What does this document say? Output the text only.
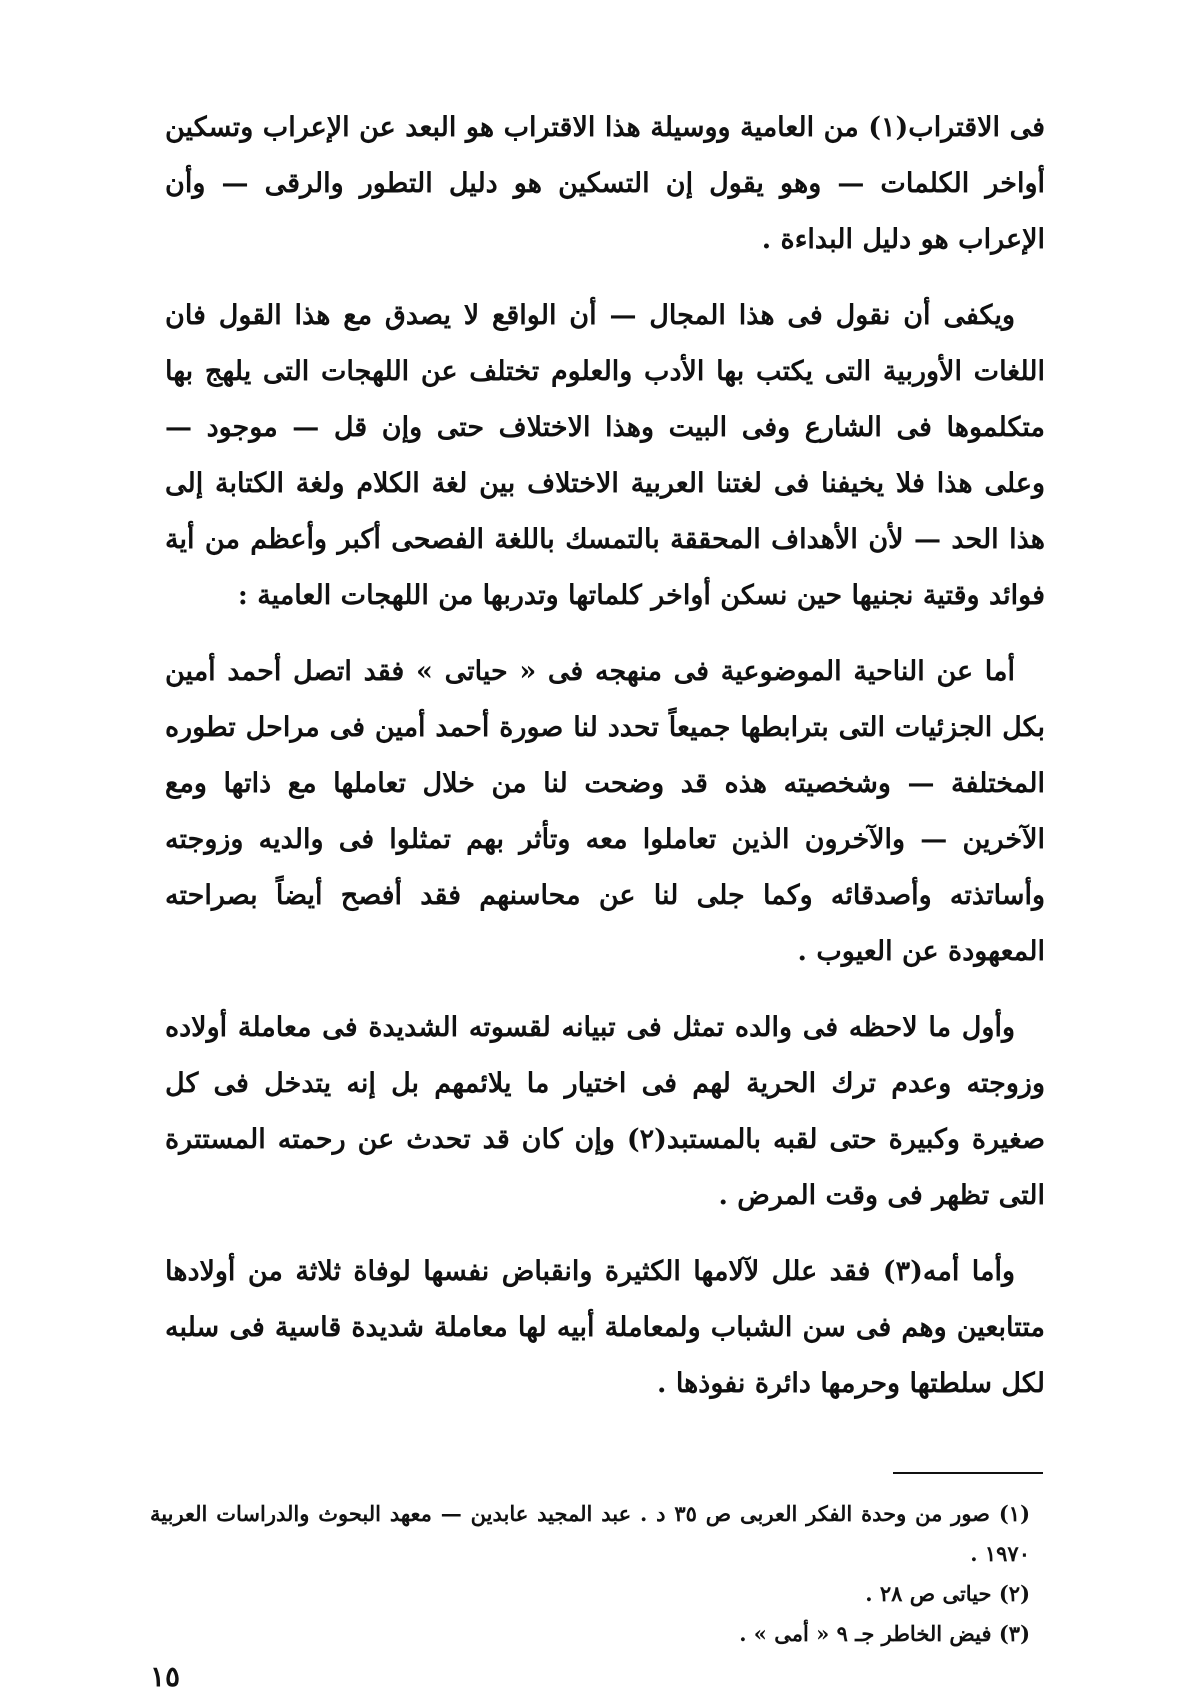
فى الاقتراب(١) من العامية ووسيلة هذا الاقتراب هو البعد عن الإعراب وتسكين أواخر الكلمات — وهو يقول إن التسكين هو دليل التطور والرقى — وأن الإعراب هو دليل البداءة .

ويكفى أن نقول فى هذا المجال — أن الواقع لا يصدق مع هذا القول فان اللغات الأوربية التى يكتب بها الأدب والعلوم تختلف عن اللهجات التى يلهج بها متكلموها فى الشارع وفى البيت وهذا الاختلاف حتى وإن قل — موجود — وعلى هذا فلا يخيفنا فى لغتنا العربية الاختلاف بين لغة الكلام ولغة الكتابة إلى هذا الحد — لأن الأهداف المحققة بالتمسك باللغة الفصحى أكبر وأعظم من أية فوائد وقتية نجنيها حين نسكن أواخر كلماتها وتدربها من اللهجات العامية :

أما عن الناحية الموضوعية فى منهجه فى « حياتى » فقد اتصل أحمد أمين بكل الجزئيات التى بترابطها جميعاً تحدد لنا صورة أحمد أمين فى مراحل تطوره المختلفة — وشخصيته هذه قد وضحت لنا من خلال تعاملها مع ذاتها ومع الآخرين — والآخرون الذين تعاملوا معه وتأثر بهم تمثلوا فى والديه وزوجته وأساتذته وأصدقائه وكما جلى لنا عن محاسنهم فقد أفصح أيضاً بصراحته المعهودة عن العيوب .

وأول ما لاحظه فى والده تمثل فى تبيانه لقسوته الشديدة فى معاملة أولاده وزوجته وعدم ترك الحرية لهم فى اختيار ما يلائمهم بل إنه يتدخل فى كل صغيرة وكبيرة حتى لقبه بالمستبد(٢) وإن كان قد تحدث عن رحمته المستترة التى تظهر فى وقت المرض .

وأما أمه(٣) فقد علل لآلامها الكثيرة وانقباض نفسها لوفاة ثلاثة من أولادها متتابعين وهم فى سن الشباب ولمعاملة أبيه لها معاملة شديدة قاسية فى سلبه لكل سلطتها وحرمها دائرة نفوذها .

(١) صور من وحدة الفكر العربى ص ٣٥ د . عبد المجيد عابدين — معهد البحوث والدراسات العربية ١٩٧٠ .

(٢) حياتى ص ٢٨ .

(٣) فيض الخاطر جـ ٩ « أمى » .

١٥
